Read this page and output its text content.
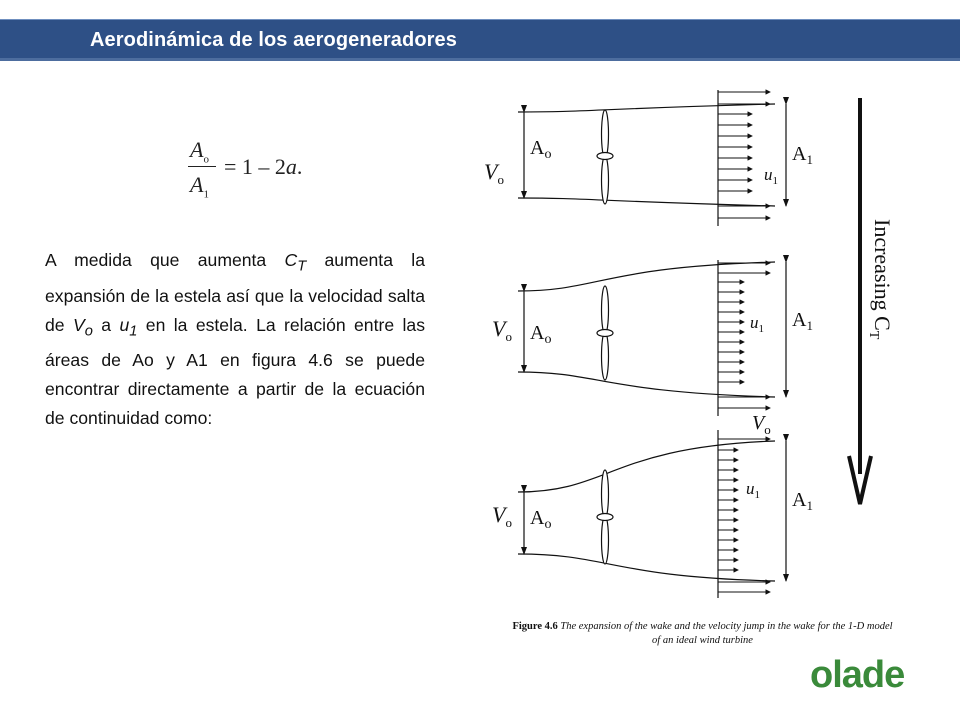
Aerodinámica de los aerogeneradores
$A_o$
$A_1$
= 1 – 2a.
A medida que aumenta $C_T$ aumenta la expansión de la estela así que la velocidad salta de $V_o$ a $u_1$ en la estela. La relación entre las áreas de Ao y A1 en figura 4.6 se puede encontrar directamente a partir de la ecuación de continuidad como:
$V_o$
$A_o$	$A_1$
$u_1$
$V_o$ $A_o$
$A_1$
$u_1$
$V_o$
$V_o$ $A_o$
$A_1$
$u_1$
Increasing $C_T$
Figure 4.6 The expansion of the wake and the velocity jump in the wake for the 1-D model
of an ideal wind turbine
olade
